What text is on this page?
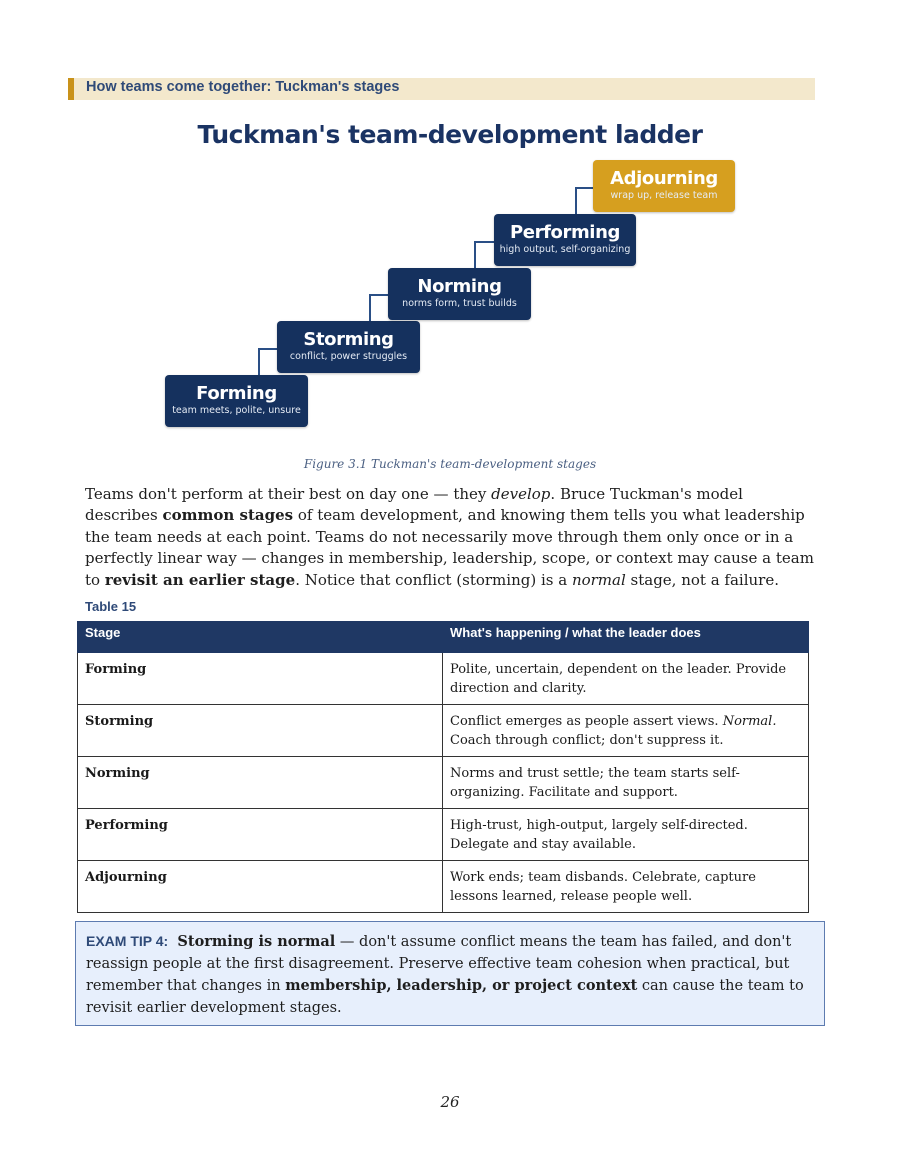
How teams come together: Tuckman's stages
Tuckman's team-development ladder
Forming
team meets, polite, unsure
Storming
conflict, power struggles
Norming
norms form, trust builds
Performing
high output, self-organizing
Adjourning
wrap up, release team
Figure 3.1 Tuckman's team-development stages
Teams don't perform at their best on day one — they develop. Bruce Tuckman's model describes common stages of team development, and knowing them tells you what leadership the team needs at each point. Teams do not necessarily move through them only once or in a perfectly linear way — changes in membership, leadership, scope, or context may cause a team to revisit an earlier stage. Notice that conflict (storming) is a normal stage, not a failure.
Table 15
Stage	What's happening / what the leader does
Forming	Polite, uncertain, dependent on the leader. Provide direction and clarity.
Storming	Conflict emerges as people assert views. Normal. Coach through conflict; don't suppress it.
Norming	Norms and trust settle; the team starts self-organizing. Facilitate and support.
Performing	High-trust, high-output, largely self-directed. Delegate and stay available.
Adjourning	Work ends; team disbands. Celebrate, capture lessons learned, release people well.
EXAM TIP 4: Storming is normal — don't assume conflict means the team has failed, and don't reassign people at the first disagreement. Preserve effective team cohesion when practical, but remember that changes in membership, leadership, or project context can cause the team to revisit earlier development stages.
26
